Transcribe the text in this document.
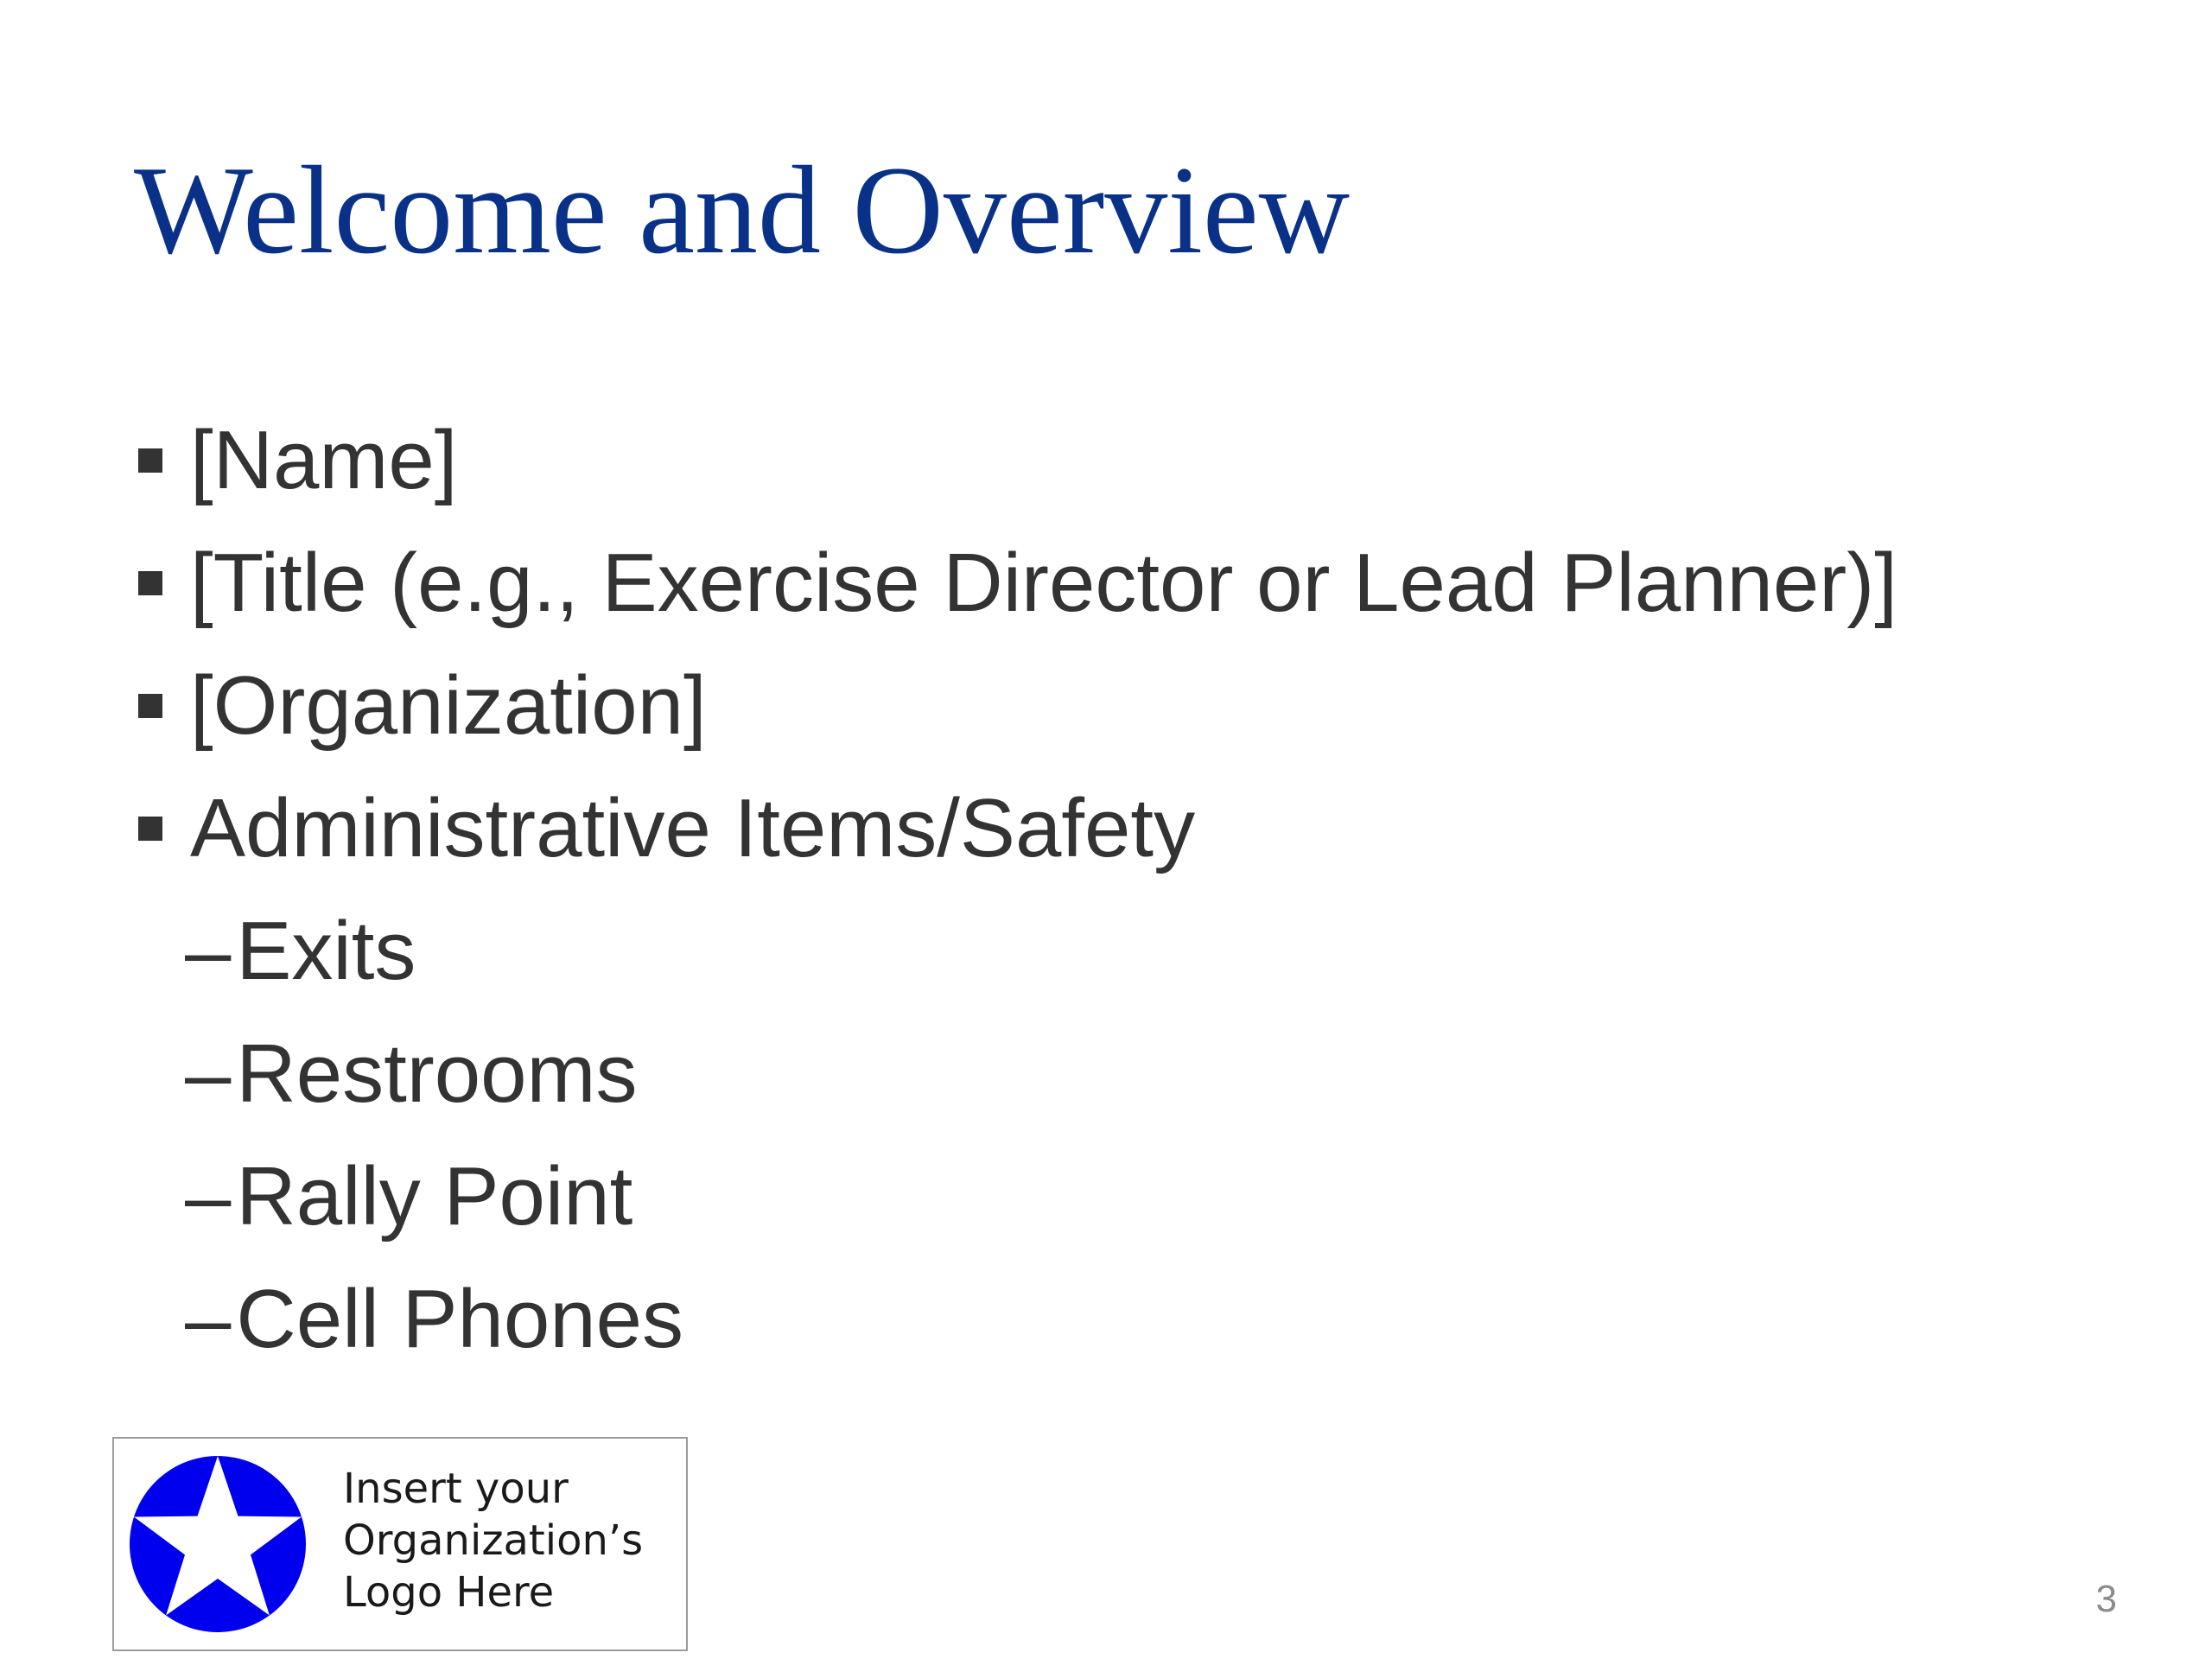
Welcome and Overview
[Name]
[Title (e.g., Exercise Director or Lead Planner)]
[Organization]
Administrative Items/Safety
– Exits
– Restrooms
– Rally Point
– Cell Phones
Insert your
Organization’s
Logo Here	3
